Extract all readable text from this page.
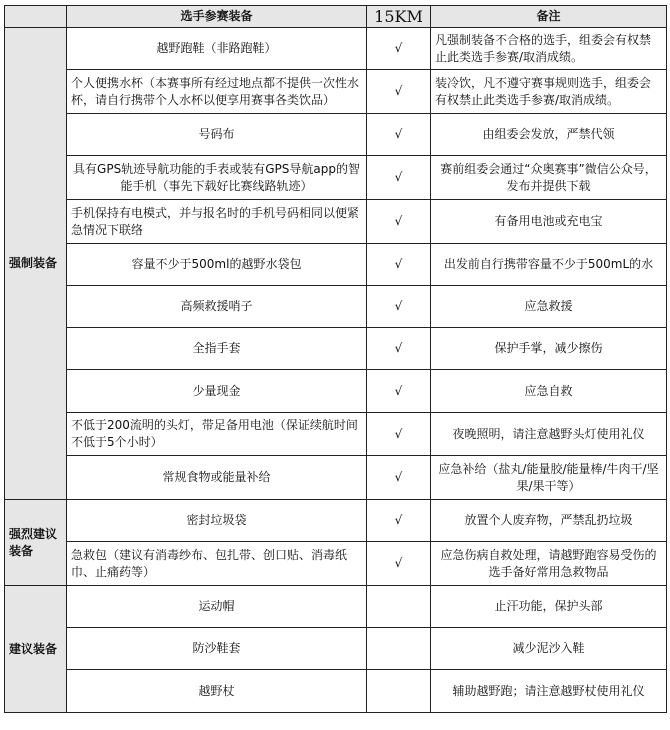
	选手参赛装备	15KM	备注
强制装备	越野跑鞋（非路跑鞋）	√	凡强制装备不合格的选手，组委会有权禁止此类选手参赛/取消成绩。
	个人便携水杯（本赛事所有经过地点都不提供一次性水杯，请自行携带个人水杯以便享用赛事各类饮品）	√	装冷饮，凡不遵守赛事规则选手，组委会有权禁止此类选手参赛/取消成绩。
	号码布	√	由组委会发放，严禁代领
	具有GPS轨迹导航功能的手表或装有GPS导航app的智能手机（事先下载好比赛线路轨迹）	√	赛前组委会通过“众奥赛事”微信公众号，发布并提供下载
	手机保持有电模式，并与报名时的手机号码相同以便紧急情况下联络	√	有备用电池或充电宝
	容量不少于500ml的越野水袋包	√	出发前自行携带容量不少于500mL的水
	高频救援哨子	√	应急救援
	全指手套	√	保护手掌，减少擦伤
	少量现金	√	应急自救
	不低于200流明的头灯，带足备用电池（保证续航时间不低于5个小时）	√	夜晚照明，请注意越野头灯使用礼仪
	常规食物或能量补给	√	应急补给（盐丸/能量胶/能量棒/牛肉干/坚果/果干等）
强烈建议装备	密封垃圾袋	√	放置个人废弃物，严禁乱扔垃圾
	急救包（建议有消毒纱布、包扎带、创口贴、消毒纸巾、止痛药等）	√	应急伤病自救处理，请越野跑容易受伤的选手备好常用急救物品
建议装备	运动帽		止汗功能，保护头部
	防沙鞋套		减少泥沙入鞋
	越野杖		辅助越野跑；请注意越野杖使用礼仪
